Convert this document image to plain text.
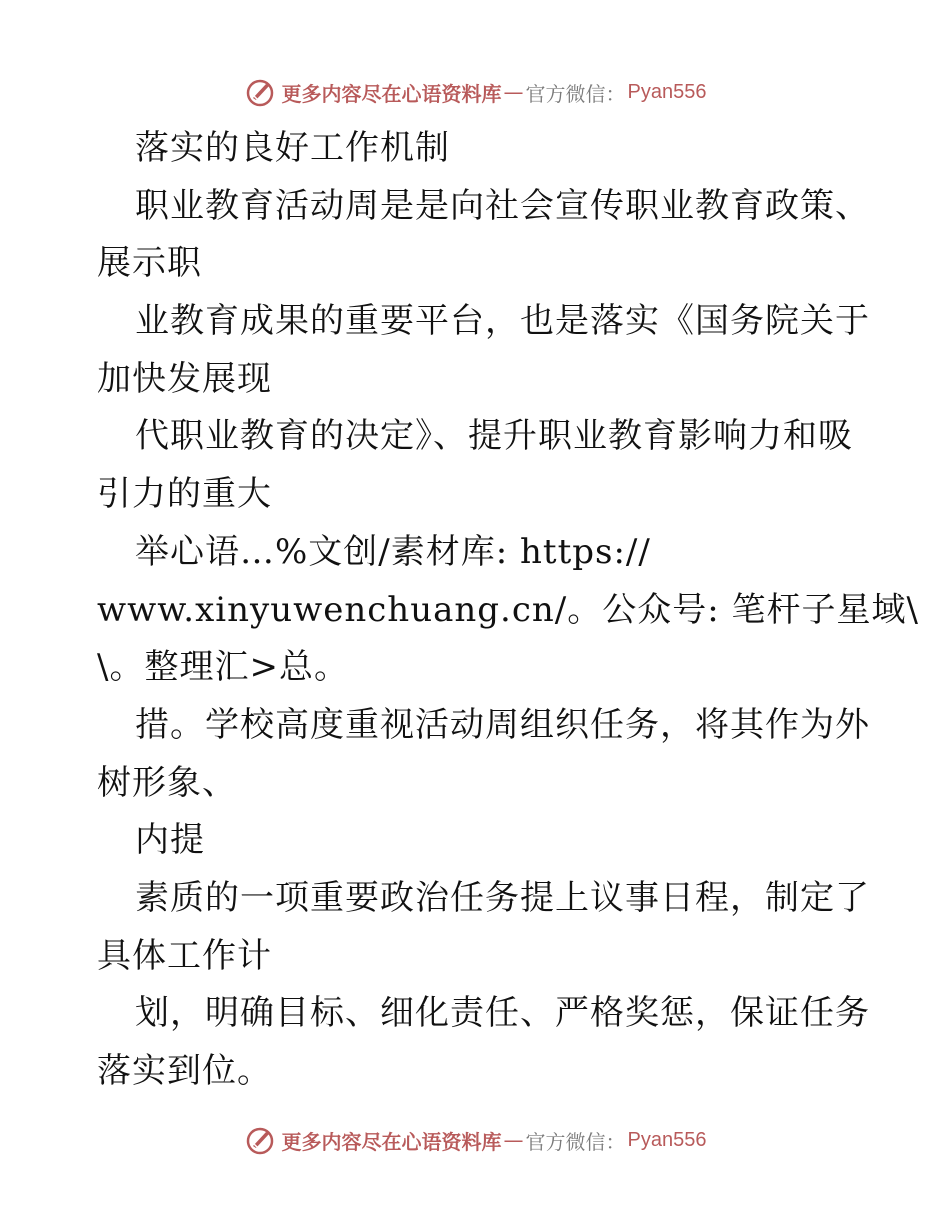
更多内容尽在心语资料库 — 官方微信： Pyan556
落实的良好工作机制
职业教育活动周是是向社会宣传职业教育政策、
展示职
业教育成果的重要平台，也是落实《国务院关于
加快发展现
代职业教育的决定》、提升职业教育影响力和吸
引力的重大
举心语…%文创/素材库: https://
www.xinyuwenchuang.cn/。公众号: 笔杆子星域\
\。整理汇>总。
措。学校高度重视活动周组织任务，将其作为外
树形象、
内提
素质的一项重要政治任务提上议事日程，制定了
具体工作计
划，明确目标、细化责任、严格奖惩，保证任务
落实到位。
更多内容尽在心语资料库 — 官方微信： Pyan556
